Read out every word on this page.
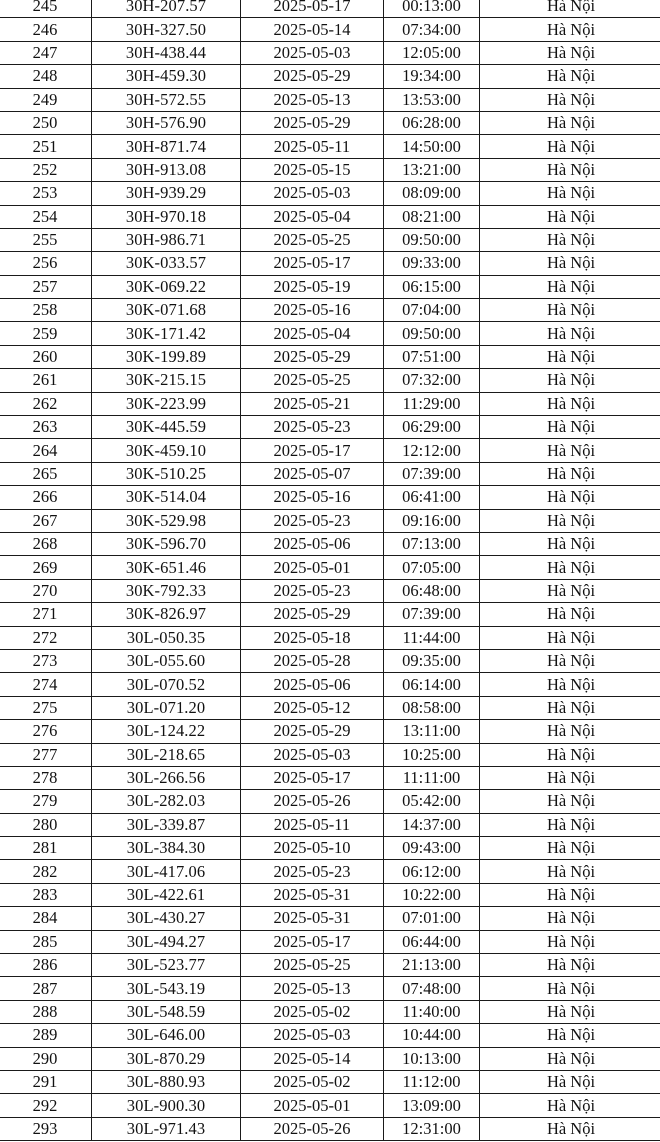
245	30H-207.57	2025-05-17	00:13:00	Hà Nội
246	30H-327.50	2025-05-14	07:34:00	Hà Nội
247	30H-438.44	2025-05-03	12:05:00	Hà Nội
248	30H-459.30	2025-05-29	19:34:00	Hà Nội
249	30H-572.55	2025-05-13	13:53:00	Hà Nội
250	30H-576.90	2025-05-29	06:28:00	Hà Nội
251	30H-871.74	2025-05-11	14:50:00	Hà Nội
252	30H-913.08	2025-05-15	13:21:00	Hà Nội
253	30H-939.29	2025-05-03	08:09:00	Hà Nội
254	30H-970.18	2025-05-04	08:21:00	Hà Nội
255	30H-986.71	2025-05-25	09:50:00	Hà Nội
256	30K-033.57	2025-05-17	09:33:00	Hà Nội
257	30K-069.22	2025-05-19	06:15:00	Hà Nội
258	30K-071.68	2025-05-16	07:04:00	Hà Nội
259	30K-171.42	2025-05-04	09:50:00	Hà Nội
260	30K-199.89	2025-05-29	07:51:00	Hà Nội
261	30K-215.15	2025-05-25	07:32:00	Hà Nội
262	30K-223.99	2025-05-21	11:29:00	Hà Nội
263	30K-445.59	2025-05-23	06:29:00	Hà Nội
264	30K-459.10	2025-05-17	12:12:00	Hà Nội
265	30K-510.25	2025-05-07	07:39:00	Hà Nội
266	30K-514.04	2025-05-16	06:41:00	Hà Nội
267	30K-529.98	2025-05-23	09:16:00	Hà Nội
268	30K-596.70	2025-05-06	07:13:00	Hà Nội
269	30K-651.46	2025-05-01	07:05:00	Hà Nội
270	30K-792.33	2025-05-23	06:48:00	Hà Nội
271	30K-826.97	2025-05-29	07:39:00	Hà Nội
272	30L-050.35	2025-05-18	11:44:00	Hà Nội
273	30L-055.60	2025-05-28	09:35:00	Hà Nội
274	30L-070.52	2025-05-06	06:14:00	Hà Nội
275	30L-071.20	2025-05-12	08:58:00	Hà Nội
276	30L-124.22	2025-05-29	13:11:00	Hà Nội
277	30L-218.65	2025-05-03	10:25:00	Hà Nội
278	30L-266.56	2025-05-17	11:11:00	Hà Nội
279	30L-282.03	2025-05-26	05:42:00	Hà Nội
280	30L-339.87	2025-05-11	14:37:00	Hà Nội
281	30L-384.30	2025-05-10	09:43:00	Hà Nội
282	30L-417.06	2025-05-23	06:12:00	Hà Nội
283	30L-422.61	2025-05-31	10:22:00	Hà Nội
284	30L-430.27	2025-05-31	07:01:00	Hà Nội
285	30L-494.27	2025-05-17	06:44:00	Hà Nội
286	30L-523.77	2025-05-25	21:13:00	Hà Nội
287	30L-543.19	2025-05-13	07:48:00	Hà Nội
288	30L-548.59	2025-05-02	11:40:00	Hà Nội
289	30L-646.00	2025-05-03	10:44:00	Hà Nội
290	30L-870.29	2025-05-14	10:13:00	Hà Nội
291	30L-880.93	2025-05-02	11:12:00	Hà Nội
292	30L-900.30	2025-05-01	13:09:00	Hà Nội
293	30L-971.43	2025-05-26	12:31:00	Hà Nội
